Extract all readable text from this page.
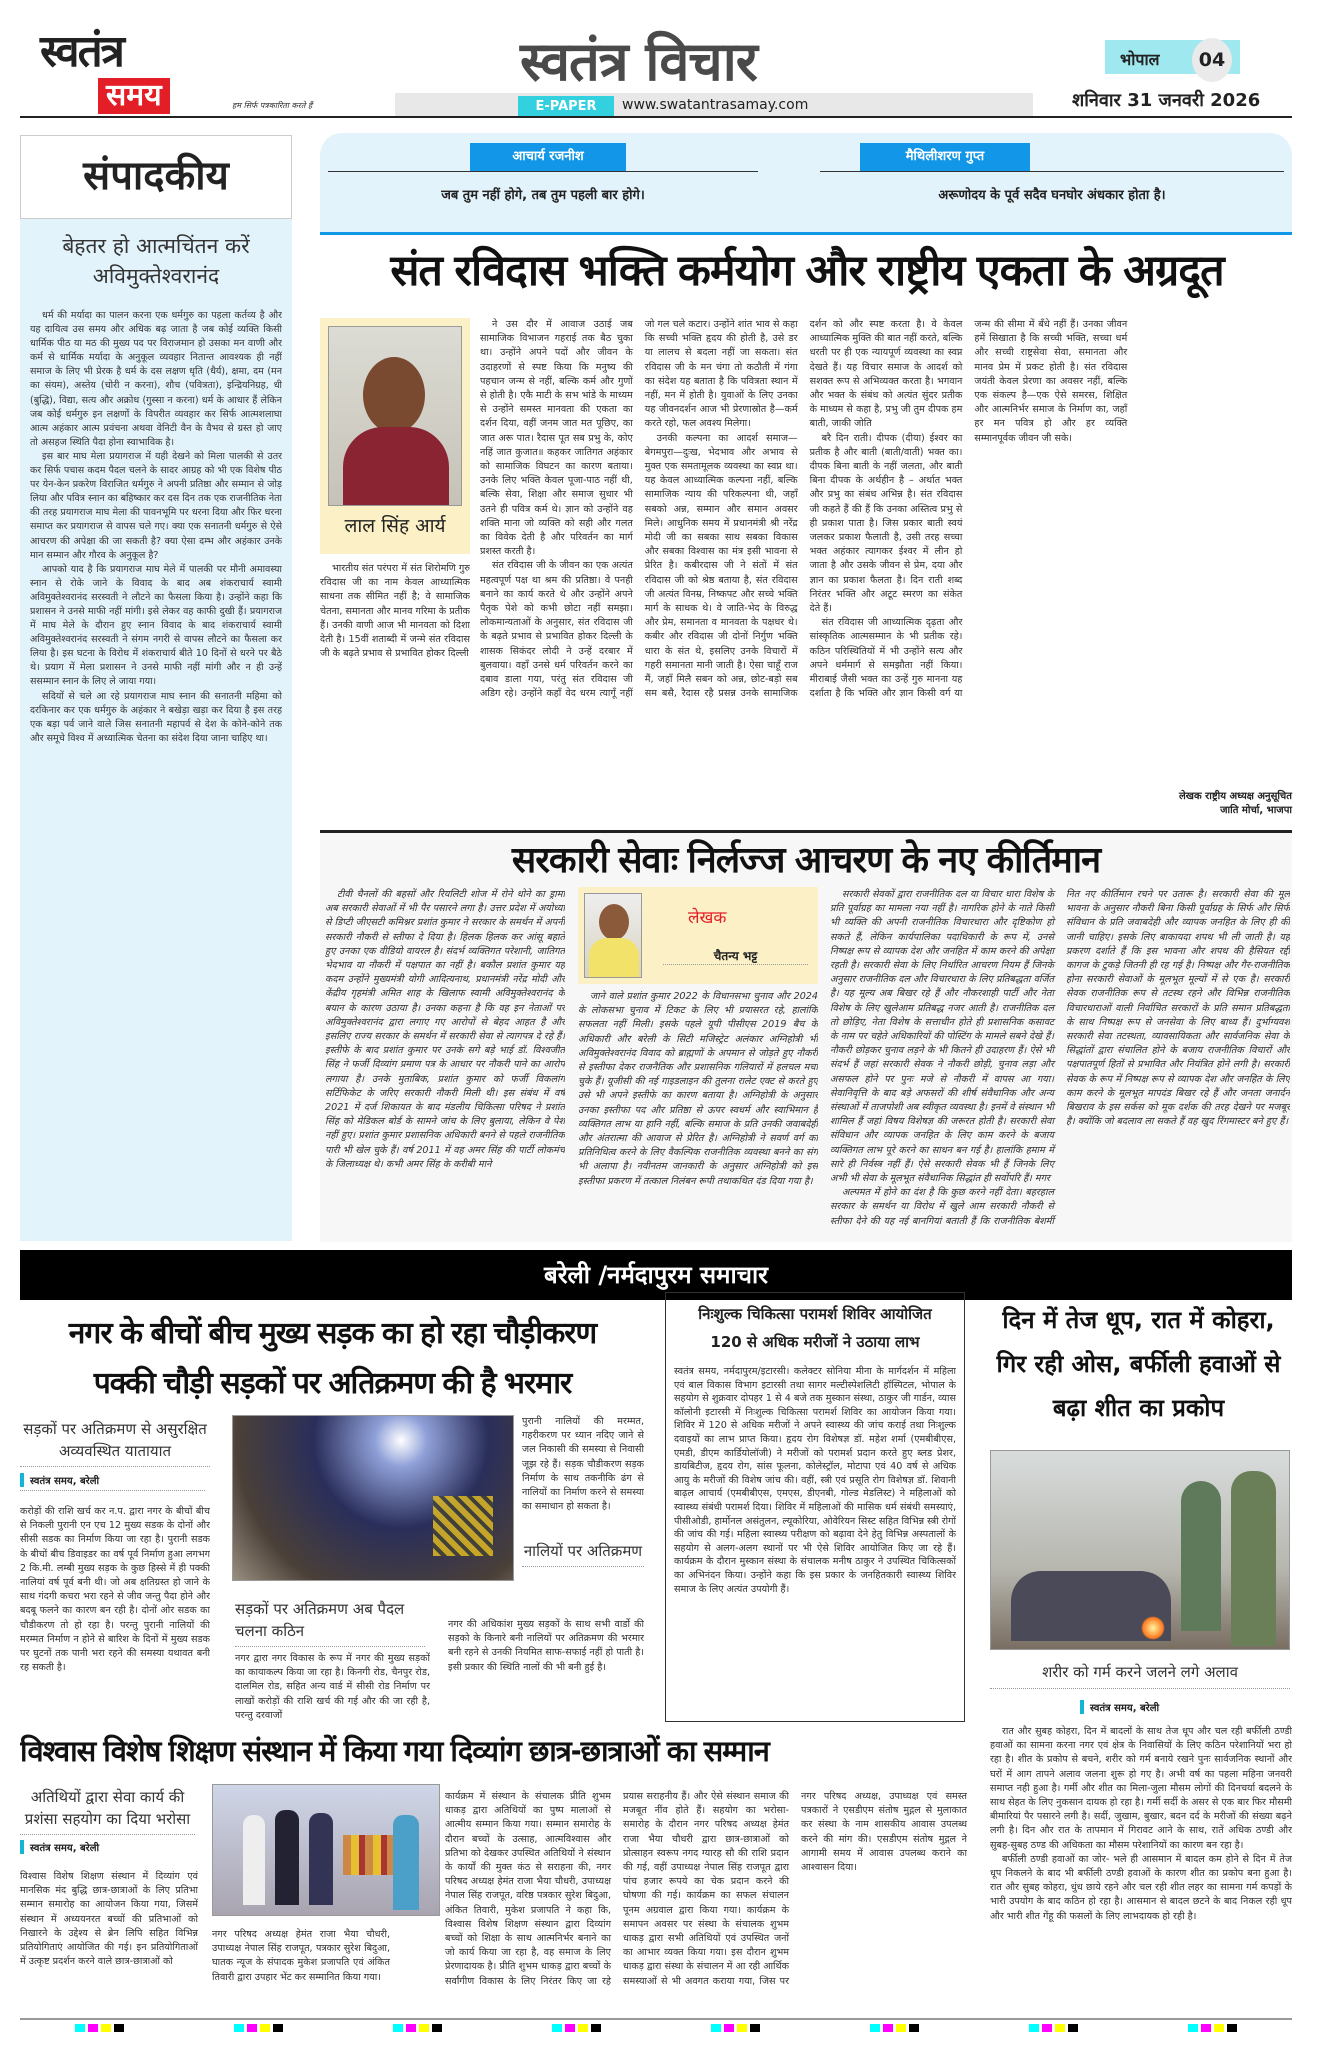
स्वतंत्र
समय	हम सिर्फ पत्रकारिता करते हैं
स्वतंत्र विचार
E-PAPER	www.swatantrasamay.com
भोपाल	04
शनिवार 31 जनवरी 2026
संपादकीय
बेहतर हो आत्मचिंतन करें अविमुक्तेश्वरानंद

धर्म की मर्यादा का पालन करना एक धर्मगुरु का पहला कर्तव्य है और यह दायित्व उस समय और अधिक बढ़ जाता है जब कोई व्यक्ति किसी धार्मिक पीठ या मठ की मुख्य पद पर विराजमान हो उसका मन वाणी और कर्म से धार्मिक मर्यादा के अनुकूल व्यवहार नितान्त आवश्यक ही नहीं समाज के लिए भी प्रेरक है धर्म के दस लक्षण धृति (धैर्य), क्षमा, दम (मन का संयम), अस्तेय (चोरी न करना), शौच (पवित्रता), इन्द्रियनिग्रह, धी (बुद्धि), विद्या, सत्य और अक्रोध (गुस्सा न करना) धर्म के आधार हैं लेकिन जब कोई धर्मगुरु इन लक्षणों के विपरीत व्यवहार कर सिर्फ आत्मशलाघा आत्म अहंकार आत्म प्रवंचना अथवा वेनिटी वैन के वैभव से ग्रस्त हो जाए तो असहज स्थिति पैदा होना स्वाभाविक है।

इस बार माघ मेला प्रयागराज में यही देखने को मिला पालकी से उतर कर सिर्फ पचास कदम पैदल चलने के सादर आग्रह को भी एक विशेष पीठ पर येन-केन प्रकरेण विराजित धर्मगुरु ने अपनी प्रतिष्ठा और सम्मान से जोड़ लिया और पवित्र स्नान का बहिष्कार कर दस दिन तक एक राजनीतिक नेता की तरह प्रयागराज माघ मेला की पावनभूमि पर धरना दिया और फिर धरना समाप्त कर प्रयागराज से वापस चले गए। क्या एक सनातनी धर्मगुरु से ऐसे आचरण की अपेक्षा की जा सकती है? क्या ऐसा दम्भ और अहंकार उनके मान सम्मान और गौरव के अनुकूल है?

आपको याद है कि प्रयागराज माघ मेले में पालकी पर मौनी अमावस्या स्नान से रोके जाने के विवाद के बाद अब शंकराचार्य स्वामी अविमुक्तेश्वरानंद सरस्वती ने लौटने का फैसला किया है। उन्होंने कहा कि प्रशासन ने उनसे माफी नहीं मांगी। इसे लेकर वह काफी दुखी हैं। प्रयागराज में माघ मेले के दौरान हुए स्नान विवाद के बाद शंकराचार्य स्वामी अविमुक्तेश्वरानंद सरस्वती ने संगम नगरी से वापस लौटने का फैसला कर लिया है। इस घटना के विरोध में शंकराचार्य बीते 10 दिनों से धरने पर बैठे थे। प्रयाग में मेला प्रशासन ने उनसे माफी नहीं मांगी और न ही उन्हें ससम्मान स्नान के लिए ले जाया गया।

सदियों से चले आ रहे प्रयागराज माघ स्नान की सनातनी महिमा को दरकिनार कर एक धर्मगुरु के अहंकार ने बखेड़ा खड़ा कर दिया है इस तरह एक बड़ा पर्व जाने वाले जिस सनातनी महापर्व से देश के कोने-कोने तक और समूचे विश्व में अध्यात्मिक चेतना का संदेश दिया जाना चाहिए था।

आचार्य रजनीश
जब तुम नहीं होगे, तब तुम पहली बार होगे।
मैथिलीशरण गुप्त
अरूणोदय के पूर्व सदैव घनघोर अंधकार होता है।
संत रविदास भक्ति कर्मयोग और राष्ट्रीय एकता के अग्रदूत
लाल सिंह आर्य

भारतीय संत परंपरा में संत शिरोमणि गुरु रविदास जी का नाम केवल आध्यात्मिक साधना तक सीमित नहीं है; वे सामाजिक चेतना, समानता और मानव गरिमा के प्रतीक हैं। उनकी वाणी आज भी मानवता को दिशा देती है। 15वीं शताब्दी में जन्मे संत रविदास जी के बढ़ते प्रभाव से प्रभावित होकर दिल्ली

ने उस दौर में आवाज उठाई जब सामाजिक विभाजन गहराई तक बैठ चुका था। उन्होंने अपने पदों और जीवन के उदाहरणों से स्पष्ट किया कि मनुष्य की पहचान जन्म से नहीं, बल्कि कर्म और गुणों से होती है। एकै माटी के सभ भांडे के माध्यम से उन्होंने समस्त मानवता की एकता का दर्शन दिया, वहीं जनम जात मत पूछिए, का जात अरू पात। रैदास पूत सब प्रभु के, कोए नहिं जात कुजात॥ कहकर जातिगत अहंकार को सामाजिक विघटन का कारण बताया। उनके लिए भक्ति केवल पूजा-पाठ नहीं थी, बल्कि सेवा, शिक्षा और समाज सुधार भी उतने ही पवित्र कर्म थे। ज्ञान को उन्होंने वह शक्ति माना जो व्यक्ति को सही और गलत का विवेक देती है और परिवर्तन का मार्ग प्रशस्त करती है।

संत रविदास जी के जीवन का एक अत्यंत महत्वपूर्ण पक्ष था श्रम की प्रतिष्ठा। वे पनही बनाने का कार्य करते थे और उन्होंने अपने पैतृक पेशे को कभी छोटा नहीं समझा। लोकमान्यताओं के अनुसार, संत रविदास जी के बढ़ते प्रभाव से प्रभावित होकर दिल्ली के शासक सिकंदर लोदी ने उन्हें दरबार में बुलवाया। वहाँ उनसे धर्म परिवर्तन करने का दबाव डाला गया, परंतु संत रविदास जी अडिग रहे। उन्होंने कहाँ वेद धरम त्यागूँ नहीं जो गल चले कटार। उन्होंने शांत भाव से कहा कि सच्ची भक्ति हृदय की होती है, उसे डर या लालच से बदला नहीं जा सकता। संत रविदास जी के मन चंगा तो कठौती में गंगा का संदेश यह बताता है कि पवित्रता स्थान में नहीं, मन में होती है। युवाओं के लिए उनका यह जीवनदर्शन आज भी प्रेरणास्रोत है—कर्म करते रहो, फल अवश्य मिलेगा।

उनकी कल्पना का आदर्श समाज—बेगमपुरा—दुःख, भेदभाव और अभाव से मुक्त एक समतामूलक व्यवस्था का स्वप्न था। यह केवल आध्यात्मिक कल्पना नहीं, बल्कि सामाजिक न्याय की परिकल्पना थी, जहाँ सबको अन्न, सम्मान और समान अवसर मिले। आधुनिक समय में प्रधानमंत्री श्री नरेंद्र मोदी जी का सबका साथ सबका विकास और सबका विश्वास का मंत्र इसी भावना से प्रेरित है। कबीरदास जी ने संतों में संत रविदास जी को श्रेष्ठ बताया है, संत रविदास जी अत्यंत विनम्र, निष्कपट और सच्चे भक्ति मार्ग के साधक थे। वे जाति-भेद के विरुद्ध और प्रेम, समानता व मानवता के पक्षधर थे। कबीर और रविदास जी दोनों निर्गुण भक्ति धारा के संत थे, इसलिए उनके विचारों में गहरी समानता मानी जाती है। ऐसा चाहूँ राज मैं, जहाँ मिलै सबन को अन्न, छोट-बड़ो सब सम बसै, रैदास रहै प्रसन्न उनके सामाजिक दर्शन को और स्पष्ट करता है। वे केवल आध्यात्मिक मुक्ति की बात नहीं करते, बल्कि धरती पर ही एक न्यायपूर्ण व्यवस्था का स्वप्न देखते हैं। यह विचार समाज के आदर्श को सशक्त रूप से अभिव्यक्त करता है। भगवान और भक्त के संबंध को अत्यंत सुंदर प्रतीक के माध्यम से कहा है, प्रभु जी तुम दीपक हम बाती, जाकी जोति

बरै दिन राती। दीपक (दीया) ईश्वर का प्रतीक है और बाती (बाती/वाती) भक्त का। दीपक बिना बाती के नहीं जलता, और बाती बिना दीपक के अर्थहीन है – अर्थात भक्त और प्रभु का संबंध अभिन्न है। संत रविदास जी कहते हैं की हैं कि उनका अस्तित्व प्रभु से ही प्रकाश पाता है। जिस प्रकार बाती स्वयं जलकर प्रकाश फैलाती है, उसी तरह सच्चा भक्त अहंकार त्यागकर ईश्वर में लीन हो जाता है और उसके जीवन से प्रेम, दया और ज्ञान का प्रकाश फैलता है। दिन राती शब्द निरंतर भक्ति और अटूट स्मरण का संकेत देते हैं।

संत रविदास जी आध्यात्मिक दृढ़ता और सांस्कृतिक आत्मसम्मान के भी प्रतीक रहे। कठिन परिस्थितियों में भी उन्होंने सत्य और अपने धर्ममार्ग से समझौता नहीं किया। मीराबाई जैसी भक्त का उन्हें गुरु मानना यह दर्शाता है कि भक्ति और ज्ञान किसी वर्ग या जन्म की सीमा में बँधे नहीं हैं। उनका जीवन हमें सिखाता है कि सच्ची भक्ति, सच्चा धर्म और सच्ची राष्ट्रसेवा सेवा, समानता और मानव प्रेम में प्रकट होती है। संत रविदास जयंती केवल प्रेरणा का अवसर नहीं, बल्कि एक संकल्प है—एक ऐसे समरस, शिक्षित और आत्मनिर्भर समाज के निर्माण का, जहाँ हर मन पवित्र हो और हर व्यक्ति सम्मानपूर्वक जीवन जी सके।

लेखक राष्ट्रीय अध्यक्ष अनुसूचित
जाति मोर्चा, भाजपा
सरकारी सेवाः निर्लज्ज आचरण के नए कीर्तिमान

टीवी चैनलों की बहसों और रियलिटी शोज में रोने धोने का ड्रामा अब सरकारी सेवाओं में भी पैर पसारने लगा है। उत्तर प्रदेश में अयोध्या से डिप्टी जीएसटी कमिश्नर प्रशांत कुमार ने सरकार के समर्थन में अपनी सरकारी नौकरी से स्तीफा दे दिया है। हिलक हिलक कर आंसू बहाते हुए उनका एक वीडियो वायरल है। संदर्भ व्यक्तिगत परेशानी, जातिगत भेदभाव या नौकरी में पक्षपात का नहीं है। बकौल प्रशांत कुमार यह कदम उन्होंने मुख्यमंत्री योगी आदित्यनाथ, प्रधानमंत्री नरेंद्र मोदी और केंद्रीय गृहमंत्री अमित शाह के खिलाफ स्वामी अविमुक्तेश्वरानंद के बयान के कारण उठाया है। उनका कहना है कि वह इन नेताओं पर अविमुक्तेश्वरानंद द्वारा लगाए गए आरोपों से बेहद आहत है और इसलिए राज्य सरकार के समर्थन में सरकारी सेवा से त्यागपत्र दे रहे हैं। इस्तीफे के बाद प्रशांत कुमार पर उनके सगे बड़े भाई डॉ. विश्वजीत सिंह ने फर्जी दिव्यांग प्रमाण पत्र के आधार पर नौकरी पाने का आरोप लगाया है। उनके मुताबिक, प्रशांत कुमार को फर्जी विकलांग सर्टिफिकेट के जरिए सरकारी नौकरी मिली थी। इस संबंध में वर्ष 2021 में दर्ज शिकायत के बाद मंडलीय चिकित्सा परिषद ने प्रशांत सिंह को मेडिकल बोर्ड के सामने जांच के लिए बुलाया, लेकिन वे पेश नहीं हुए। प्रशांत कुमार प्रशासनिक अधिकारी बनने से पहले राजनीतिक पारी भी खेल चुके हैं। वर्ष 2011 में वह अमर सिंह की पार्टी लोकमंच के जिलाध्यक्ष थे। कभी अमर सिंह के करीबी माने

लेखक
चैतन्य भट्ट

जाने वाले प्रशांत कुमार 2022 के विधानसभा चुनाव और 2024 के लोकसभा चुनाव में टिकट के लिए भी प्रयासरत रहे, हालांकि सफलता नहीं मिली। इसके पहले यूपी पीसीएस 2019 बैच के अधिकारी और बरेली के सिटी मजिस्ट्रेट अलंकार अग्निहोत्री भी अविमुक्तेश्वरानंद विवाद को ब्राह्मणों के अपमान से जोड़ते हुए नौकरी से इस्तीफा देकर राजनैतिक और प्रशासनिक गलियारों में हलचल मचा चुके हैं। यूजीसी की नई गाइडलाइन की तुलना रालेट एक्ट से करते हुए उसे भी अपने इस्तीफे का कारण बताया है। अग्निहोत्री के अनुसार उनका इस्तीफा पद और प्रतिष्ठा से ऊपर स्वधर्म और स्वाभिमान है व्यक्तिगत लाभ या हानि नहीं, बल्कि समाज के प्रति उनकी जवाबदेही और अंतरात्मा की आवाज से प्रेरित है। अग्निहोत्री ने सवर्ण वर्ग का प्रतिनिधित्व करने के लिए वैकल्पिक राजनीतिक व्यवस्था बनने का संग भी अलापा है। नवीनतम जानकारी के अनुसार अग्निहोत्री को इस इस्तीफा प्रकरण में तत्काल निलंबन रूपी तथाकथित दंड दिया गया है।

सरकारी सेवकों द्वारा राजनीतिक दल या विचार धारा विशेष के प्रति पूर्वाग्रह का मामला नया नहीं है। नागरिक होने के नाते किसी भी व्यक्ति की अपनी राजनीतिक विचारधारा और दृष्टिकोण हो सकते हैं, लेकिन कार्यपालिका पदाधिकारी के रूप में, उनसे निष्पक्ष रूप से व्यापक देश और जनहित में काम करने की अपेक्षा रहती है। सरकारी सेवा के लिए निर्धारित आचरण नियम हैं जिनके अनुसार राजनीतिक दल और विचारधारा के लिए प्रतिबद्धता वर्जित है। यह मूल्य अब बिखर रहे हैं और नौकरशाही पार्टी और नेता विशेष के लिए खुलेआम प्रतिबद्ध नजर आती है। राजनीतिक दल तो छोड़िए, नेता विशेष के सत्ताधीन होते ही प्रशासनिक कसावट के नाम पर चहेते अधिकारियों की पोस्टिंग के मामले सबने देखे हैं। नौकरी छोड़कर चुनाव लड़ने के भी कितने ही उदाहरण हैं। ऐसे भी संदर्भ हैं जहां सरकारी सेवक ने नौकरी छोड़ी, चुनाव लड़ा और असफल होने पर पुनः मजे से नौकरी में वापस आ गया। सेवानिवृत्ति के बाद बड़े अफसरों की शीर्ष संवैधानिक और अन्य संस्थाओं में ताजपोशी अब स्वीकृत व्यवस्था है। इनमें वे संस्थान भी शामिल हैं जहां विषय विशेषज्ञ की जरूरत होती है। सरकारी सेवा संविधान और व्यापक जनहित के लिए काम करने के बजाय व्यक्तिगत लाभ पूरे करने का साधन बन गई है। हालांकि हमाम में सारे ही निर्वस्त्र नहीं हैं। ऐसे सरकारी सेवक भी हैं जिनके लिए अभी भी सेवा के मूलभूत संवैधानिक सिद्धांत ही सर्वोपरि हैं। मगर

अल्पमत में होने का दंश है कि कुछ करने नहीं देता। बहरहाल सरकार के समर्थन या विरोध में खुले आम सरकारी नौकरी से स्तीफा देने की यह नई बानगियां बताती हैं कि राजनीतिक बेशर्मी नित नए कीर्तिमान रचने पर उतारू है। सरकारी सेवा की मूल भावना के अनुसार नौकरी बिना किसी पूर्वाग्रह के सिर्फ और सिर्फ संविधान के प्रति जवाबदेही और व्यापक जनहित के लिए ही की जानी चाहिए। इसके लिए बाकायदा शपथ भी ली जाती है। यह प्रकरण दर्शाते हैं कि इस भावना और शपथ की हैसियत रद्दी कागज के टुकड़े जितनी ही रह गई है। निष्पक्ष और गैर-राजनीतिक होना सरकारी सेवाओं के मूलभूत मूल्यों में से एक है। सरकारी सेवक राजनीतिक रूप से तटस्थ रहने और विभिन्न राजनीतिक विचारधाराओं वाली निर्वाचित सरकारों के प्रति समान प्रतिबद्धता के साथ निष्पक्ष रूप से जनसेवा के लिए बाध्य हैं। दुर्भाग्यवश सरकारी सेवा तटस्थता, व्यावसायिकता और सार्वजनिक सेवा के सिद्धांतों द्वारा संचालित होने के बजाय राजनीतिक विचारों और पक्षपातपूर्ण हितों से प्रभावित और नियंत्रित होने लगी है। सरकारी सेवक के रूप में निष्पक्ष रूप से व्यापक देश और जनहित के लिए काम करने के मूलभूत मापदंड बिखर रहे हैं और जनता जनार्दन बिखराव के इस सर्कस को मूक दर्शक की तरह देखने पर मजबूर है। क्योंकि जो बदलाव ला सकते हैं वह खुद रिंगमास्टर बने हुए हैं।

बरेली /नर्मदापुरम समाचार
नगर के बीचों बीच मुख्य सड़क का हो रहा चौड़ीकरण
पक्की चौड़ी सड़कों पर अतिक्रमण की है भरमार
सड़कों पर अतिक्रमण से असुरक्षित अव्यवस्थित यातायात
स्वतंत्र समय, बरेली
करोड़ों की राशि खर्च कर न.प. द्वारा नगर के बीचों बीच से निकली पुरानी एन एच 12 मुख्य सडक के दोनों और सीसी सडक का निर्माण किया जा रहा है। पुरानी सडक के बीचों बीच डिवाइडर का वर्ष पूर्व निर्माण हुआ लगभग 2 कि.मी. लम्बी मुख्य सड़क के कुछ हिस्से में ही पक्की नालियां वर्ष पूर्व बनी थी। जो अब क्षतिग्रस्त हो जाने के साथ गंदगी कचरा भरा रहने से जीव जन्तु पैदा होने और बदबू फलने का कारण बन रही है। दोनों ओर सडक का चौडीकरण तो हो रहा है। परन्तु पुरानी नालियों की मरम्मत निर्माण न होने से बारिश के दिनों में मुख्य सडक पर घुटनों तक पानी भरा रहने की समस्या यथावत बनी रह सकती है।
पुरानी नालियों की मरम्मत, गहरीकरण पर ध्यान नदिए जाने से जल निकासी की समस्या से निवासी जूझ रहे हैं। सड़क चौडीकरण सड़क निर्माण के साथ तकनीकि ढंग से नालियों का निर्माण करने से समस्या का समाधान हो सकता है।
नालियों पर अतिक्रमण
सड़कों पर अतिक्रमण अब पैदल चलना कठिन
नगर द्वारा नगर विकास के रूप में नगर की मुख्य सड़कों का कायाकल्प किया जा रहा है। किनगी रोड, चैनपुर रोड, दालमिल रोड, सहित अन्य वार्ड में सीसी रोड निर्माण पर लाखों करोड़ों की राशि खर्च की गई और की जा रही है, परन्तु दरवाजों
नगर की अधिकांश मुख्य सड़कों के साथ सभी वार्डो की सड़को के किनारे बनी नालियों पर अतिक्रमण की भरमार बनी रहने से उनकी नियमित साफ-सफाई नहीं हो पाती है। इसी प्रकार की स्थिति नालों की भी बनी हुई है।
निःशुल्क चिकित्सा परामर्श शिविर आयोजित
120 से अधिक मरीजों ने उठाया लाभ
स्वतंत्र समय, नर्मदापुरम/इटारसी। कलेक्टर सोनिया मीना के मार्गदर्शन में महिला एवं बाल विकास विभाग इटारसी तथा सागर मल्टीस्पेशलिटी हॉस्पिटल, भोपाल के सहयोग से शुक्रवार दोपहर 1 से 4 बजे तक मुस्कान संस्था, ठाकुर जी गार्डन, व्यास कॉलोनी इटारसी में निःशुल्क चिकित्सा परामर्श शिविर का आयोजन किया गया। शिविर में 120 से अधिक मरीजों ने अपने स्वास्थ्य की जांच कराई तथा निःशुल्क दवाइयों का लाभ प्राप्त किया। हृदय रोग विशेषज्ञ डॉ. महेश शर्मा (एमबीबीएस, एमडी, डीएम कार्डियोलॉजी) ने मरीजों को परामर्श प्रदान करते हुए ब्लड प्रेशर, डायबिटीज, हृदय रोग, सांस फूलना, कोलेस्ट्रॉल, मोटापा एवं 40 वर्ष से अधिक आयु के मरीजों की विशेष जांच की। वहीं, स्त्री एवं प्रसूति रोग विशेषज्ञ डॉ. शिवानी बाढ़ल आचार्य (एमबीबीएस, एमएस, डीएनबी, गोल्ड मेडलिस्ट) ने महिलाओं को स्वास्थ्य संबंधी परामर्श दिया। शिविर में महिलाओं की मासिक धर्म संबंधी समस्याएं, पीसीओडी, हार्मोनल असंतुलन, ल्यूकोरिया, ओवेरियन सिस्ट सहित विभिन्न स्त्री रोगों की जांच की गई। महिला स्वास्थ्य परीक्षण को बढ़ावा देने हेतु विभिन्न अस्पतालों के सहयोग से अलग-अलग स्थानों पर भी ऐसे शिविर आयोजित किए जा रहे हैं। कार्यक्रम के दौरान मुस्कान संस्था के संचालक मनीष ठाकुर ने उपस्थित चिकित्सकों का अभिनंदन किया। उन्होंने कहा कि इस प्रकार के जनहितकारी स्वास्थ्य शिविर समाज के लिए अत्यंत उपयोगी हैं।
दिन में तेज धूप, रात में कोहरा, गिर रही ओस, बर्फीली हवाओं से बढ़ा शीत का प्रकोप
शरीर को गर्म करने जलने लगे अलाव
स्वतंत्र समय, बरेली

रात और सुबह कोहरा, दिन में बादलों के साथ तेज धूप और चल रही बर्फीली ठण्डी हवाओं का सामना करना नगर एवं क्षेत्र के निवासियों के लिए कठिन परेशानियों भरा हो रहा है। शीत के प्रकोप से बचने, शरीर को गर्म बनाये रखने पुनः सार्वजनिक स्थानों और घरों में आग तापने अलाव जलना शुरू हो गए है। अभी वर्ष का पहला महिना जनवरी समाप्त नही हुआ है। गर्मी और शीत का मिला-जुला मौसम लोगों की दिनचर्या बदलने के साथ सेहत के लिए नुकसान दायक हो रहा है। गर्मी सर्दी के असर से एक बार फिर मौसमी बीमारियां पैर पसारने लगी है। सर्दी, जुखाम, बुखार, बदन दर्द के मरीजों की संख्या बढ़ने लगी है। दिन और रात के तापमान में गिरावट आने के साथ, रातें अधिक ठण्डी और सुबह-सुबह ठण्ड की अधिकता का मौसम परेशानियों का कारण बन रहा है।

बर्फीली ठण्डी हवाओं का जोर- भले ही आसमान में बादल कम होने से दिन में तेज धूप निकलने के बाद भी बर्फीली ठण्डी हवाओं के कारण शीत का प्रकोप बना हुआ है। रात और सुबह कोहरा, धुंध छाये रहने और चल रही शीत लहर का सामना गर्म कपड़ों के भारी उपयोग के बाद कठिन हो रहा है। आसमान से बादल छटने के बाद निकल रही धूप और भारी शीत गेंहू की फसलों के लिए लाभदायक हो रही है।

विश्वास विशेष शिक्षण संस्थान में किया गया दिव्यांग छात्र-छात्राओं का सम्मान
अतिथियों द्वारा सेवा कार्य की प्रशंसा सहयोग का दिया भरोसा
स्वतंत्र समय, बरेली
विश्वास विशेष शिक्षण संस्थान में दिव्यांग एवं मानसिक मंद बुद्धि छात्र-छात्राओं के लिए प्रतिभा सम्मान समारोह का आयोजन किया गया, जिसमें संस्थान में अध्ययनरत बच्चों की प्रतिभाओं को निखारने के उद्देश्य से ब्रेन लिपि सहित विभिन्न प्रतियोगिताएं आयोजित की गई। इन प्रतियोगिताओं में उत्कृष्ट प्रदर्शन करने वाले छात्र-छात्राओं को
नगर परिषद अध्यक्ष हेमंत राजा भैया चौधरी, उपाध्यक्ष नेपाल सिंह राजपूत, पत्रकार सुरेश बिदुआ, घातक न्यूज के संपादक मुकेश प्रजापति एवं अंकित तिवारी द्वारा उपहार भेंट कर सम्मानित किया गया।
कार्यक्रम में संस्थान के संचालक प्रीति शुभम धाकड़ द्वारा अतिथियों का पुष्प मालाओं से आत्मीय सम्मान किया गया। सम्मान समारोह के दौरान बच्चों के उत्साह, आत्मविश्वास और प्रतिभा को देखकर उपस्थित अतिथियों ने संस्थान के कार्यों की मुक्त कंठ से सराहना की, नगर परिषद अध्यक्ष हेमंत राजा भैया चौधरी, उपाध्यक्ष नेपाल सिंह राजपूत, वरिष्ठ पत्रकार सुरेश बिदुआ, अंकित तिवारी, मुकेश प्रजापति ने कहा कि, विश्वास विशेष शिक्षण संस्थान द्वारा दिव्यांग बच्चों को शिक्षा के साथ आत्मनिर्भर बनाने का जो कार्य किया जा रहा है, वह समाज के लिए प्रेरणादायक है। प्रीति शुभम धाकड़ द्वारा बच्चों के सर्वांगीण विकास के लिए निरंतर किए जा रहे प्रयास सराहनीय हैं। और ऐसे संस्थान समाज की मजबूत नींव होते हैं। सहयोग का भरोसा- समारोह के दौरान नगर परिषद अध्यक्ष हेमंत राजा भैया चौधरी द्वारा छात्र-छात्राओं को प्रोत्साहन स्वरूप नगद ग्यारह सौ की राशि प्रदान की गई, वहीं उपाध्यक्ष नेपाल सिंह राजपूत द्वारा पांच हजार रूपये का चेक प्रदान करने की घोषणा की गई। कार्यक्रम का सफल संचालन पूनम अग्रवाल द्वारा किया गया। कार्यक्रम के समापन अवसर पर संस्था के संचालक शुभम धाकड़ द्वारा सभी अतिथियों एवं उपस्थित जनों का आभार व्यक्त किया गया। इस दौरान शुभम धाकड़ द्वारा संस्था के संचालन में आ रही आर्थिक समस्याओं से भी अवगत कराया गया, जिस पर नगर परिषद अध्यक्ष, उपाध्यक्ष एवं समस्त पत्रकारों ने एसडीएम संतोष मुद्गल से मुलाकात कर संस्था के नाम शासकीय आवास उपलब्ध करने की मांग की। एसडीएम संतोष मुद्गल ने आगामी समय में आवास उपलब्ध कराने का आश्वासन दिया।
